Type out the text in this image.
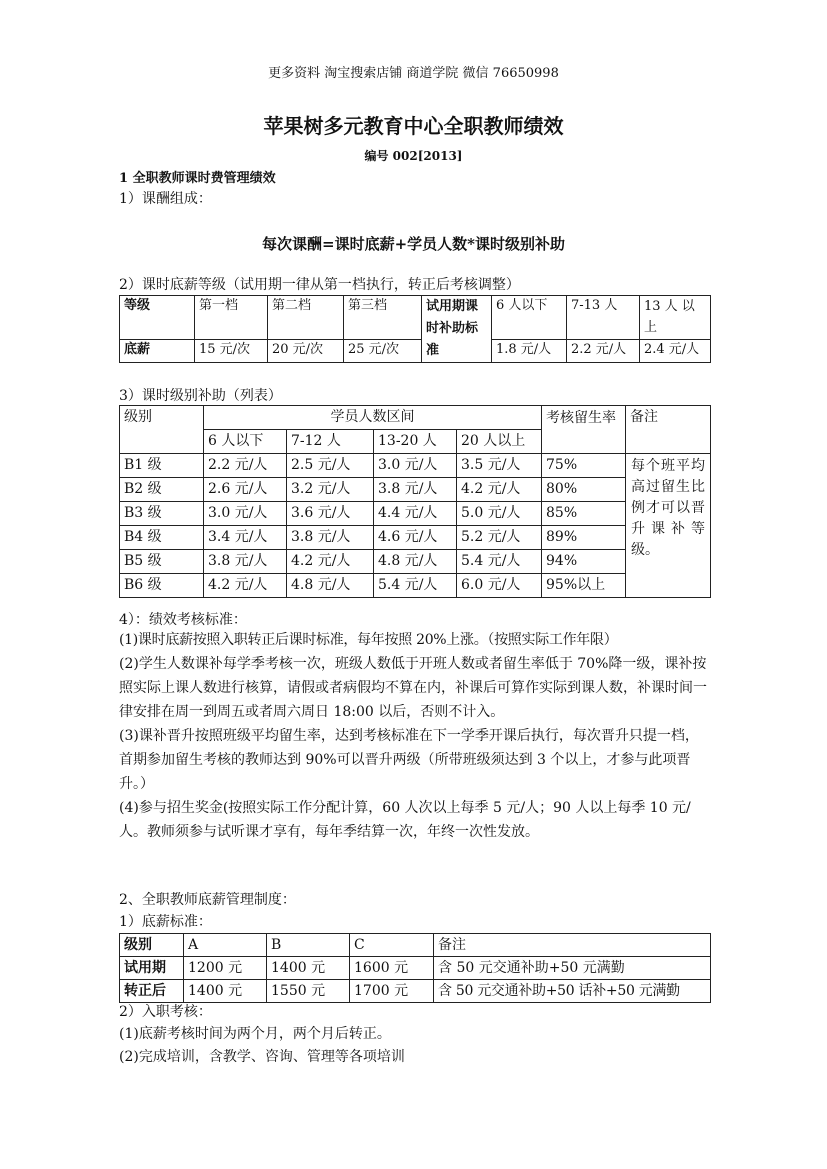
更多资料 淘宝搜索店铺 商道学院 微信 76650998
苹果树多元教育中心全职教师绩效
编号 002[2013]
1 全职教师课时费管理绩效
1）课酬组成：
每次课酬=课时底薪+学员人数*课时级别补助
2）课时底薪等级（试用期一律从第一档执行，转正后考核调整）
等级	第一档	第二档	第三档	试用期课时补助标准	6 人以下	7-13 人	13 人 以上
底薪	15 元/次	20 元/次	25 元/次		1.8 元/人	2.2 元/人	2.4 元/人
3）课时级别补助（列表）
级别	学员人数区间				考核留生率	备注
	6 人以下	7-12 人	13-20 人	20 人以上		
B1 级	2.2 元/人	2.5 元/人	3.0 元/人	3.5 元/人	75%	每个班平均高过留生比例才可以晋升课补等级。
B2 级	2.6 元/人	3.2 元/人	3.8 元/人	4.2 元/人	80%	
B3 级	3.0 元/人	3.6 元/人	4.4 元/人	5.0 元/人	85%	
B4 级	3.4 元/人	3.8 元/人	4.6 元/人	5.2 元/人	89%	
B5 级	3.8 元/人	4.2 元/人	4.8 元/人	5.4 元/人	94%	
B6 级	4.2 元/人	4.8 元/人	5.4 元/人	6.0 元/人	95%以上	
4）：绩效考核标准：
(1)课时底薪按照入职转正后课时标准，每年按照 20%上涨。（按照实际工作年限）
(2)学生人数课补每学季考核一次，班级人数低于开班人数或者留生率低于 70%降一级，课补按照实际上课人数进行核算，请假或者病假均不算在内，补课后可算作实际到课人数，补课时间一律安排在周一到周五或者周六周日 18:00 以后，否则不计入。
(3)课补晋升按照班级平均留生率，达到考核标准在下一学季开课后执行，每次晋升只提一档，首期参加留生考核的教师达到 90%可以晋升两级（所带班级须达到 3 个以上，才参与此项晋升。）
(4)参与招生奖金(按照实际工作分配计算，60 人次以上每季 5 元/人；90 人以上每季 10 元/人。教师须参与试听课才享有，每年季结算一次，年终一次性发放。
2、全职教师底薪管理制度：
1）底薪标准：
级别	A	B	C	备注
试用期	1200 元	1400 元	1600 元	含 50 元交通补助+50 元满勤
转正后	1400 元	1550 元	1700 元	含 50 元交通补助+50 话补+50 元满勤
2）入职考核：
(1)底薪考核时间为两个月，两个月后转正。
(2)完成培训，含教学、咨询、管理等各项培训
